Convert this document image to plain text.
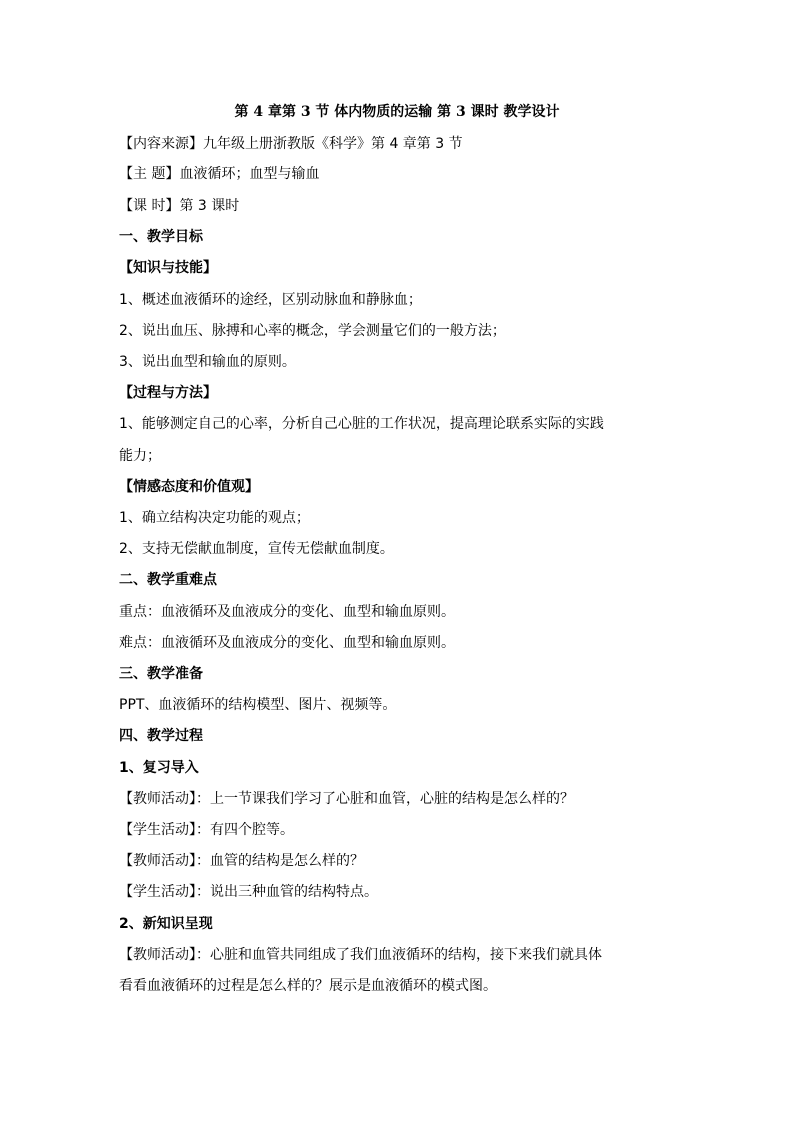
第 4 章第 3 节 体内物质的运输 第 3 课时 教学设计
【内容来源】九年级上册浙教版《科学》第 4 章第 3 节
【主 题】血液循环；血型与输血
【课 时】第 3 课时
一、教学目标
【知识与技能】
1、概述血液循环的途经，区别动脉血和静脉血；
2、说出血压、脉搏和心率的概念，学会测量它们的一般方法；
3、说出血型和输血的原则。
【过程与方法】
1、能够测定自己的心率，分析自己心脏的工作状况，提高理论联系实际的实践
能力；
【情感态度和价值观】
1、确立结构决定功能的观点；
2、支持无偿献血制度，宣传无偿献血制度。
二、教学重难点
重点：血液循环及血液成分的变化、血型和输血原则。
难点：血液循环及血液成分的变化、血型和输血原则。
三、教学准备
PPT、血液循环的结构模型、图片、视频等。
四、教学过程
1、复习导入
【教师活动】：上一节课我们学习了心脏和血管，心脏的结构是怎么样的？
【学生活动】：有四个腔等。
【教师活动】：血管的结构是怎么样的？
【学生活动】：说出三种血管的结构特点。
2、新知识呈现
【教师活动】：心脏和血管共同组成了我们血液循环的结构，接下来我们就具体
看看血液循环的过程是怎么样的？展示是血液循环的模式图。
